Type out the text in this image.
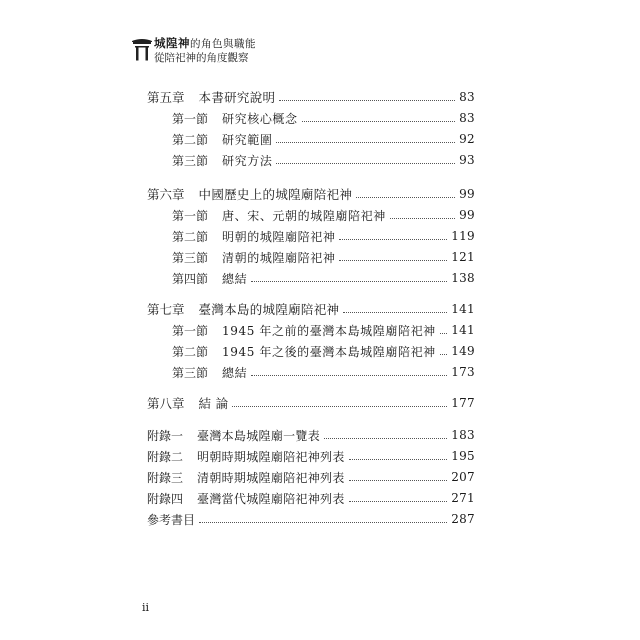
城隍神的角色與職能
從陪祀神的角度觀察
第五章 本書研究說明	83
第一節 研究核心概念	83
第二節 研究範圍	92
第三節 研究方法	93
第六章 中國歷史上的城隍廟陪祀神	99
第一節 唐、宋、元朝的城隍廟陪祀神	99
第二節 明朝的城隍廟陪祀神	119
第三節 清朝的城隍廟陪祀神	121
第四節 總結	138
第七章 臺灣本島的城隍廟陪祀神	141
第一節 1945 年之前的臺灣本島城隍廟陪祀神 141
第二節 1945 年之後的臺灣本島城隍廟陪祀神 149
第三節 總結	173
第八章 結 論	177
附錄一 臺灣本島城隍廟一覽表	183
附錄二 明朝時期城隍廟陪祀神列表	195
附錄三 清朝時期城隍廟陪祀神列表	207
附錄四 臺灣當代城隍廟陪祀神列表	271
參考書目	287
ii
